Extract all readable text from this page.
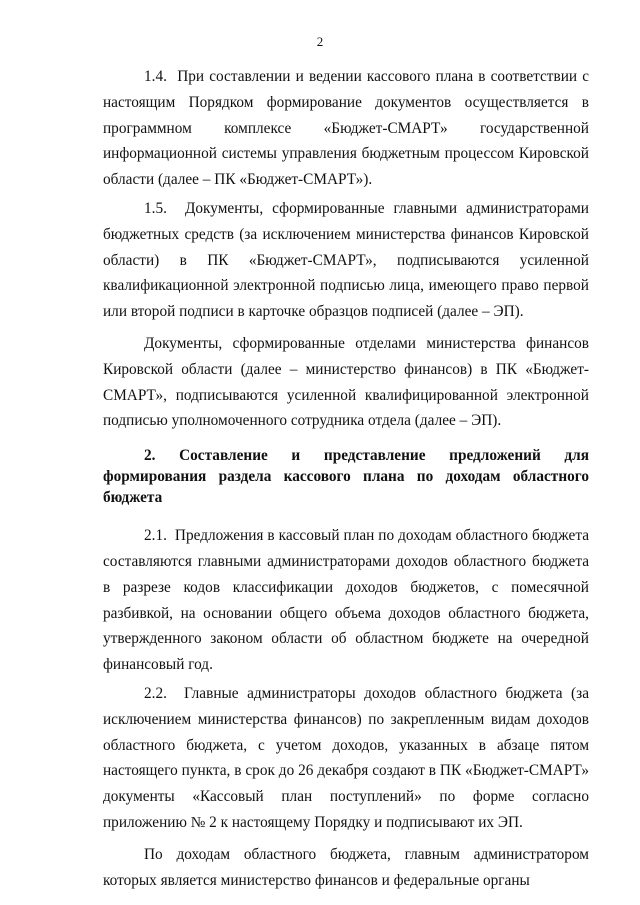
2

1.4.  При составлении и ведении кассового плана в соответствии с настоящим Порядком формирование документов осуществляется в программном комплексе «Бюджет-СМАРТ» государственной информационной системы управления бюджетным процессом Кировской области (далее – ПК «Бюджет-СМАРТ»).

1.5.  Документы, сформированные главными администраторами бюджетных средств (за исключением министерства финансов Кировской области) в ПК «Бюджет-СМАРТ», подписываются усиленной квалификационной электронной подписью лица, имеющего право первой или второй подписи в карточке образцов подписей (далее – ЭП).

Документы, сформированные отделами министерства финансов Кировской области (далее – министерство финансов) в ПК «Бюджет-СМАРТ», подписываются усиленной квалифицированной электронной подписью уполномоченного сотрудника отдела (далее – ЭП).

2. Составление и представление предложений для формирования раздела кассового плана по доходам областного бюджета

2.1.  Предложения в кассовый план по доходам областного бюджета составляются главными администраторами доходов областного бюджета в разрезе кодов классификации доходов бюджетов, с помесячной разбивкой, на основании общего объема доходов областного бюджета, утвержденного законом области об областном бюджете на очередной финансовый год.

2.2.  Главные администраторы доходов областного бюджета (за исключением министерства финансов) по закрепленным видам доходов областного бюджета, с учетом доходов, указанных в абзаце пятом настоящего пункта, в срок до 26 декабря создают в ПК «Бюджет-СМАРТ» документы «Кассовый план поступлений» по форме согласно приложению № 2 к настоящему Порядку и подписывают их ЭП.

По доходам областного бюджета, главным администратором которых является министерство финансов и федеральные органы
